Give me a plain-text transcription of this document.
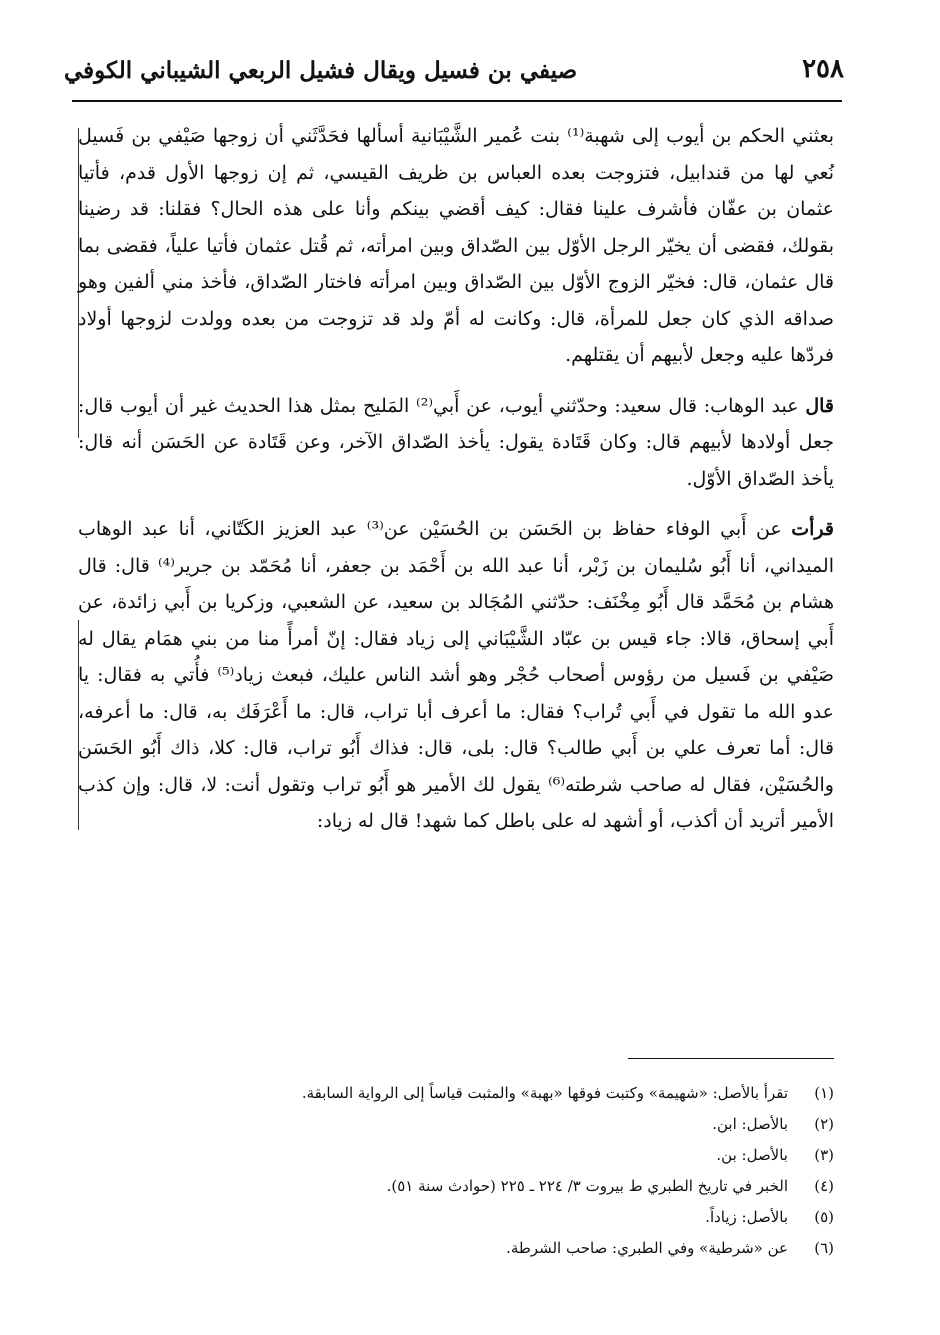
٢٥٨
صيفي بن فسيل ويقال فشيل الربعي الشيباني الكوفي

بعثني الحكم بن أيوب إلى شهبة⁽¹⁾ بنت عُمير الشَّيْبَانية أسألها فحَدَّثَني أن زوجها صَيْفي بن فَسيل نُعي لها من قندابيل، فتزوجت بعده العباس بن ظريف القيسي، ثم إن زوجها الأول قدم، فأتيا عثمان بن عفّان فأشرف علينا فقال: كيف أقضي بينكم وأنا على هذه الحال؟ فقلنا: قد رضينا بقولك، فقضى أن يخيّر الرجل الأوّل بين الصّداق وبين امرأته، ثم قُتل عثمان فأتيا علياً، فقضى بما قال عثمان، قال: فخيّر الزوج الأوّل بين الصّداق وبين امرأته فاختار الصّداق، فأخذ مني ألفين وهو صداقه الذي كان جعل للمرأة، قال: وكانت له أمّ ولد قد تزوجت من بعده وولدت لزوجها أولاد فردّها عليه وجعل لأبيهم أن يقتلهم.

قال عبد الوهاب: قال سعيد: وحدّثني أيوب، عن أَبي⁽²⁾ المَليح بمثل هذا الحديث غير أن أيوب قال: جعل أولادها لأبيهم قال: وكان قَتَادة يقول: يأخذ الصّداق الآخر، وعن قَتَادة عن الحَسَن أنه قال: يأخذ الصّداق الأوّل.

قرأت عن أَبي الوفاء حفاظ بن الحَسَن بن الحُسَيْن عن⁽³⁾ عبد العزيز الكَتّاني، أنا عبد الوهاب الميداني، أنا أَبُو سُليمان بن زَبْر، أنا عبد الله بن أَحْمَد بن جعفر، أنا مُحَمّد بن جرير⁽⁴⁾ قال: قال هشام بن مُحَمَّد قال أَبُو مِخْنَف: حدّثني المُجَالد بن سعيد، عن الشعبي، وزكريا بن أَبي زائدة، عن أَبي إسحاق، قالا: جاء قيس بن عبّاد الشَّيْبَاني إلى زياد فقال: إنّ أمرأً منا من بني همَام يقال له صَيْفي بن فَسيل من رؤوس أصحاب حُجْر وهو أشد الناس عليك، فبعث زياد⁽⁵⁾ فأُتي به فقال: يا عدو الله ما تقول في أَبي تُراب؟ فقال: ما أعرف أبا تراب، قال: ما أَعْرَفَك به، قال: ما أعرفه، قال: أما تعرف علي بن أَبي طالب؟ قال: بلى، قال: فذاك أَبُو تراب، قال: كلا، ذاك أَبُو الحَسَن والحُسَيْن، فقال له صاحب شرطته⁽⁶⁾ يقول لك الأمير هو أَبُو تراب وتقول أنت: لا، قال: وإن كذب الأمير أتريد أن أكذب، أو أشهد له على باطل كما شهد! قال له زياد:

(١)
تقرأ بالأصل: «شهيمة» وكتبت فوقها «بهبة» والمثبت قياساً إلى الرواية السابقة.
(٢)
بالأصل: ابن.
(٣)
بالأصل: بن.
(٤)
الخبر في تاريخ الطبري ط بيروت ٣/ ٢٢٤ ـ ٢٢٥ (حوادث سنة ٥١).
(٥)
بالأصل: زياداً.
(٦)
عن «شرطية» وفي الطبري: صاحب الشرطة.
